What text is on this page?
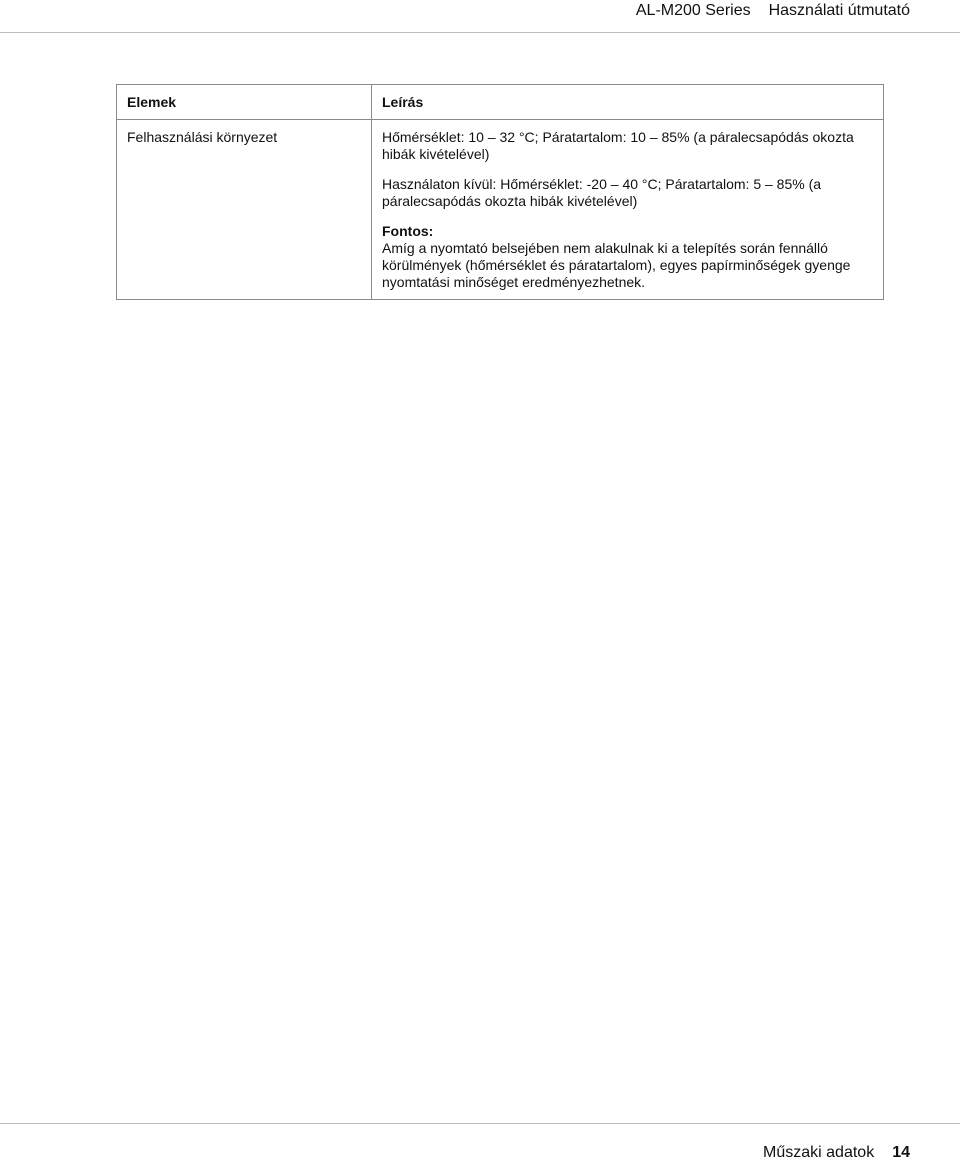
AL-M200 Series Használati útmutató
Elemek	Leírás
Felhasználási környezet	Hőmérséklet: 10 – 32 °C; Páratartalom: 10 – 85% (a páralecsapódás okozta hibák kivételével)

Használaton kívül: Hőmérséklet: -20 – 40 °C; Páratartalom: 5 – 85% (a páralecsapódás okozta hibák kivételével)

Fontos:

Amíg a nyomtató belsejében nem alakulnak ki a telepítés során fennálló körülmények (hőmérséklet és páratartalom), egyes papírminőségek gyenge nyomtatási minőséget eredményezhetnek.

Műszaki adatok 14
